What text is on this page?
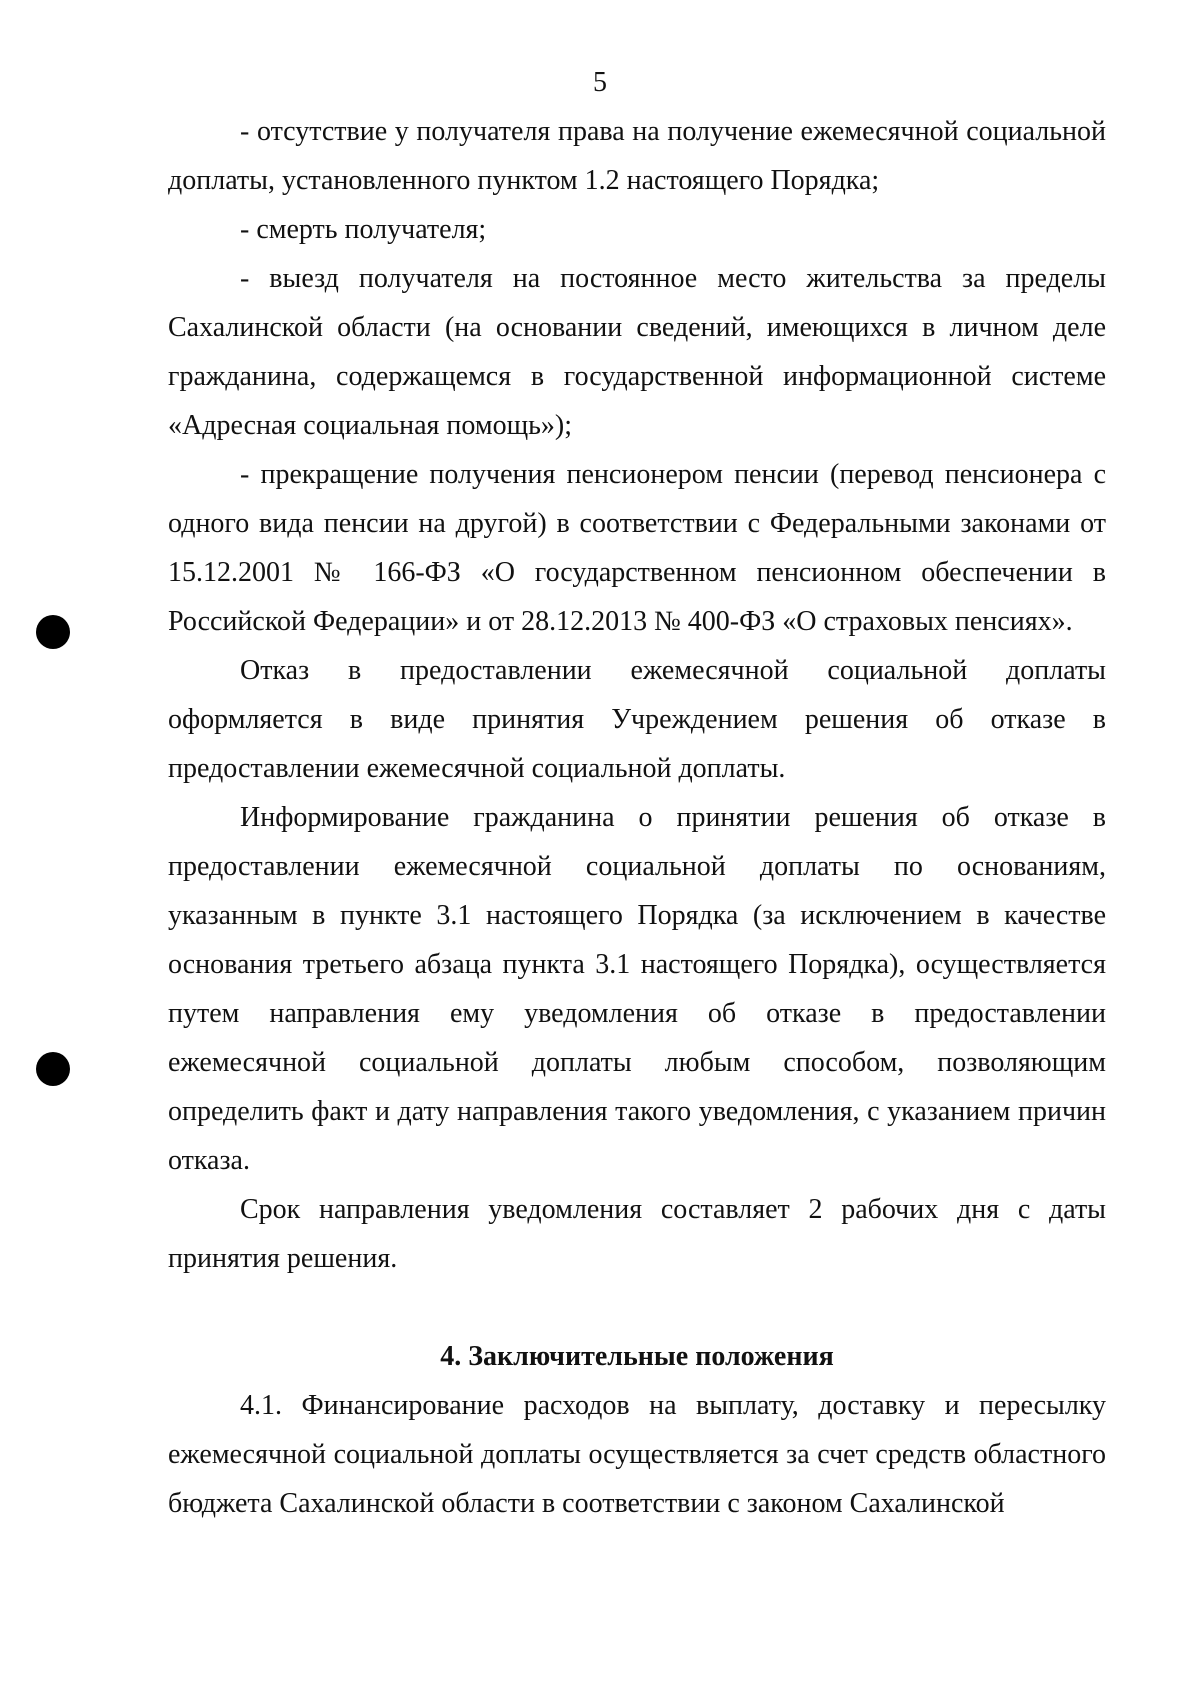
5

- отсутствие у получателя права на получение ежемесячной социальной доплаты, установленного пунктом 1.2 настоящего Порядка;

- смерть получателя;

- выезд получателя на постоянное место жительства за пределы Сахалинской области (на основании сведений, имеющихся в личном деле гражданина, содержащемся в государственной информационной системе «Адресная социальная помощь»);

- прекращение получения пенсионером пенсии (перевод пенсионера с одного вида пенсии на другой) в соответствии с Федеральными законами от 15.12.2001 № 166-ФЗ «О государственном пенсионном обеспечении в Российской Федерации» и от 28.12.2013 № 400-ФЗ «О страховых пенсиях».

Отказ в предоставлении ежемесячной социальной доплаты оформляется в виде принятия Учреждением решения об отказе в предоставлении ежемесячной социальной доплаты.

Информирование гражданина о принятии решения об отказе в предоставлении ежемесячной социальной доплаты по основаниям, указанным в пункте 3.1 настоящего Порядка (за исключением в качестве основания третьего абзаца пункта 3.1 настоящего Порядка), осуществляется путем направления ему уведомления об отказе в предоставлении ежемесячной социальной доплаты любым способом, позволяющим определить факт и дату направления такого уведомления, с указанием причин отказа.

Срок направления уведомления составляет 2 рабочих дня с даты принятия решения.

4. Заключительные положения

4.1. Финансирование расходов на выплату, доставку и пересылку ежемесячной социальной доплаты осуществляется за счет средств областного бюджета Сахалинской области в соответствии с законом Сахалинской
